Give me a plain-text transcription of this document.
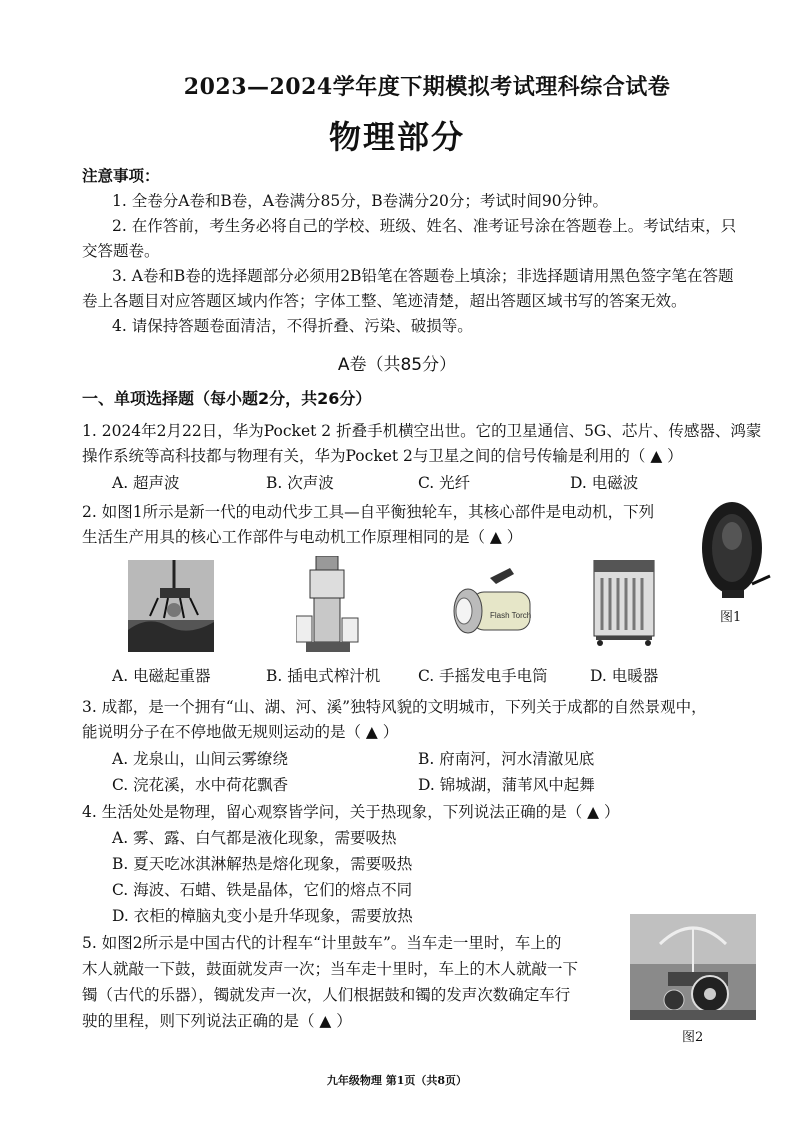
2023—2024学年度下期模拟考试理科综合试卷
物理部分
注意事项：
1. 全卷分A卷和B卷，A卷满分85分，B卷满分20分；考试时间90分钟。
2. 在作答前，考生务必将自己的学校、班级、姓名、准考证号涂在答题卷上。考试结束，只
交答题卷。
3. A卷和B卷的选择题部分必须用2B铅笔在答题卷上填涂；非选择题请用黑色签字笔在答题
卷上各题目对应答题区域内作答；字体工整、笔迹清楚，超出答题区域书写的答案无效。
4. 请保持答题卷面清洁，不得折叠、污染、破损等。
A卷（共85分）
一、单项选择题（每小题2分，共26分）
1. 2024年2月22日，华为Pocket 2 折叠手机横空出世。它的卫星通信、5G、芯片、传感器、鸿蒙
操作系统等高科技都与物理有关，华为Pocket 2与卫星之间的信号传输是利用的（ ▲ ）
A. 超声波	B. 次声波	C. 光纤	D. 电磁波
2. 如图1所示是新一代的电动代步工具—自平衡独轮车，其核心部件是电动机，下列
生活生产用具的核心工作部件与电动机工作原理相同的是（ ▲ ）
图1
Flash Torch
A. 电磁起重器	B. 插电式榨汁机 C. 手摇发电手电筒	D. 电暖器
3. 成都，是一个拥有“山、湖、河、溪”独特风貌的文明城市，下列关于成都的自然景观中，
能说明分子在不停地做无规则运动的是（ ▲ ）
A. 龙泉山，山间云雾缭绕	B. 府南河，河水清澈见底
C. 浣花溪，水中荷花飘香	D. 锦城湖，蒲苇风中起舞
4. 生活处处是物理，留心观察皆学问，关于热现象，下列说法正确的是（ ▲ ）
A. 雾、露、白气都是液化现象，需要吸热
B. 夏天吃冰淇淋解热是熔化现象，需要吸热
C. 海波、石蜡、铁是晶体，它们的熔点不同
D. 衣柜的樟脑丸变小是升华现象，需要放热
5. 如图2所示是中国古代的计程车“计里鼓车”。当车走一里时，车上的
木人就敲一下鼓，鼓面就发声一次；当车走十里时，车上的木人就敲一下
镯（古代的乐器），镯就发声一次，人们根据鼓和镯的发声次数确定车行
驶的里程，则下列说法正确的是（ ▲ ）
图2
九年级物理 第1页（共8页）
